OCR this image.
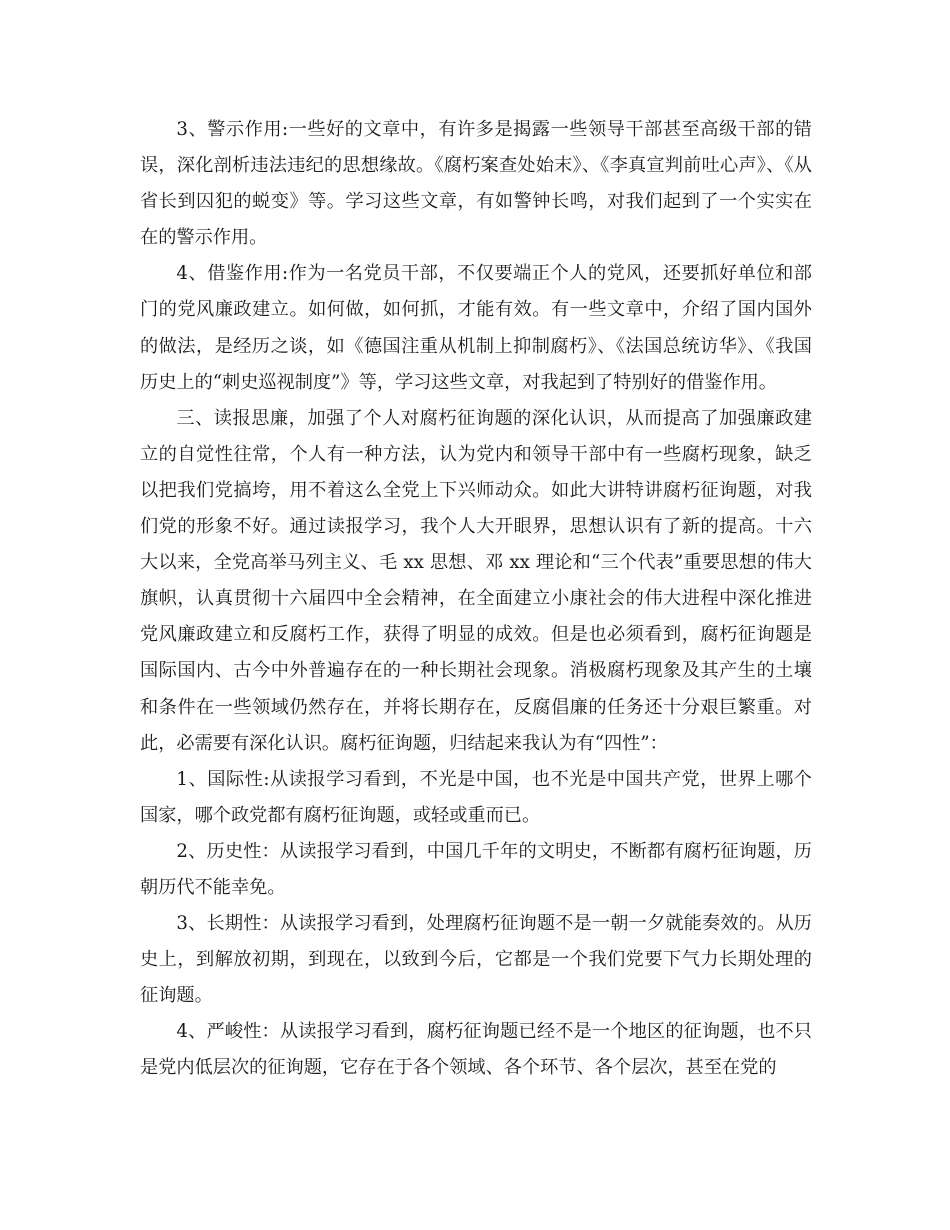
3、警示作用:一些好的文章中，有许多是揭露一些领导干部甚至高级干部的错误，深化剖析违法违纪的思想缘故。《腐朽案查处始末》、《李真宣判前吐心声》、《从省长到囚犯的蜕变》等。学习这些文章，有如警钟长鸣，对我们起到了一个实实在在的警示作用。

4、借鉴作用:作为一名党员干部，不仅要端正个人的党风，还要抓好单位和部门的党风廉政建立。如何做，如何抓，才能有效。有一些文章中，介绍了国内国外的做法，是经历之谈，如《德国注重从机制上抑制腐朽》、《法国总统访华》、《我国历史上的“刺史巡视制度”》等，学习这些文章，对我起到了特别好的借鉴作用。

三、读报思廉，加强了个人对腐朽征询题的深化认识，从而提高了加强廉政建立的自觉性往常，个人有一种方法，认为党内和领导干部中有一些腐朽现象，缺乏以把我们党搞垮，用不着这么全党上下兴师动众。如此大讲特讲腐朽征询题，对我们党的形象不好。通过读报学习，我个人大开眼界，思想认识有了新的提高。十六大以来，全党高举马列主义、毛 xx 思想、邓 xx 理论和“三个代表”重要思想的伟大旗帜，认真贯彻十六届四中全会精神，在全面建立小康社会的伟大进程中深化推进党风廉政建立和反腐朽工作，获得了明显的成效。但是也必须看到，腐朽征询题是国际国内、古今中外普遍存在的一种长期社会现象。消极腐朽现象及其产生的土壤和条件在一些领域仍然存在，并将长期存在，反腐倡廉的任务还十分艰巨繁重。对此，必需要有深化认识。腐朽征询题，归结起来我认为有“四性”：

1、国际性:从读报学习看到，不光是中国，也不光是中国共产党，世界上哪个国家，哪个政党都有腐朽征询题，或轻或重而已。

2、历史性：从读报学习看到，中国几千年的文明史，不断都有腐朽征询题，历朝历代不能幸免。

3、长期性：从读报学习看到，处理腐朽征询题不是一朝一夕就能奏效的。从历史上，到解放初期，到现在，以致到今后，它都是一个我们党要下气力长期处理的征询题。

4、严峻性：从读报学习看到，腐朽征询题已经不是一个地区的征询题，也不只是党内低层次的征询题，它存在于各个领域、各个环节、各个层次，甚至在党的
